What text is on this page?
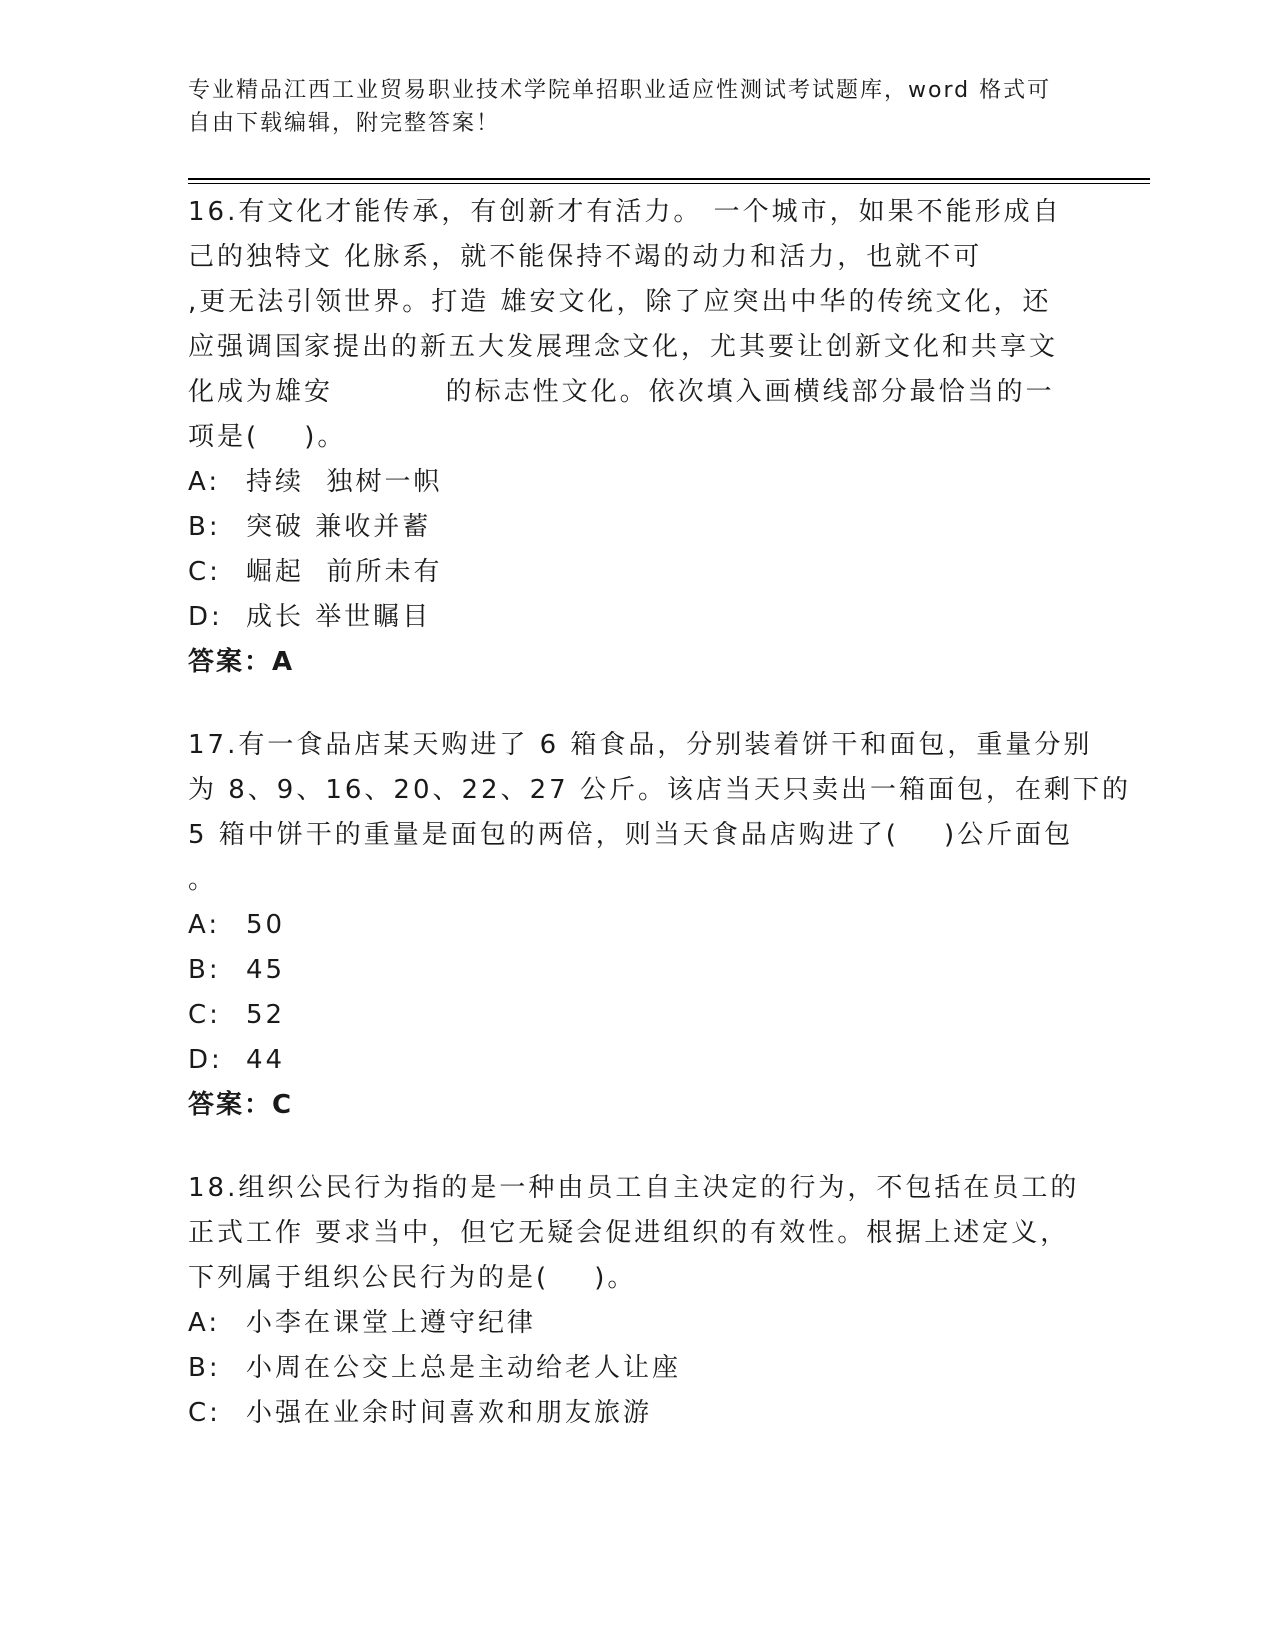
专业精品江西工业贸易职业技术学院单招职业适应性测试考试题库，word 格式可
自由下载编辑，附完整答案！
16.有文化才能传承，有创新才有活力。 一个城市，如果不能形成自
己的独特文 化脉系，就不能保持不竭的动力和活力，也就不可
,更无法引领世界。打造 雄安文化，除了应突出中华的传统文化，还
应强调国家提出的新五大发展理念文化，尤其要让创新文化和共享文
化成为雄安          的标志性文化。依次填入画横线部分最恰当的一
项是(    )。
A: 持续  独树一帜
B: 突破 兼收并蓄
C: 崛起  前所未有
D: 成长 举世瞩目
答案：A
17.有一食品店某天购进了 6 箱食品，分别装着饼干和面包，重量分别
为 8、9、16、20、22、27 公斤。该店当天只卖出一箱面包，在剩下的
5 箱中饼干的重量是面包的两倍，则当天食品店购进了(    )公斤面包
。
A: 50
B: 45
C: 52
D: 44
答案：C
18.组织公民行为指的是一种由员工自主决定的行为，不包括在员工的
正式工作 要求当中，但它无疑会促进组织的有效性。根据上述定义，
下列属于组织公民行为的是(    )。
A: 小李在课堂上遵守纪律
B: 小周在公交上总是主动给老人让座
C: 小强在业余时间喜欢和朋友旅游
